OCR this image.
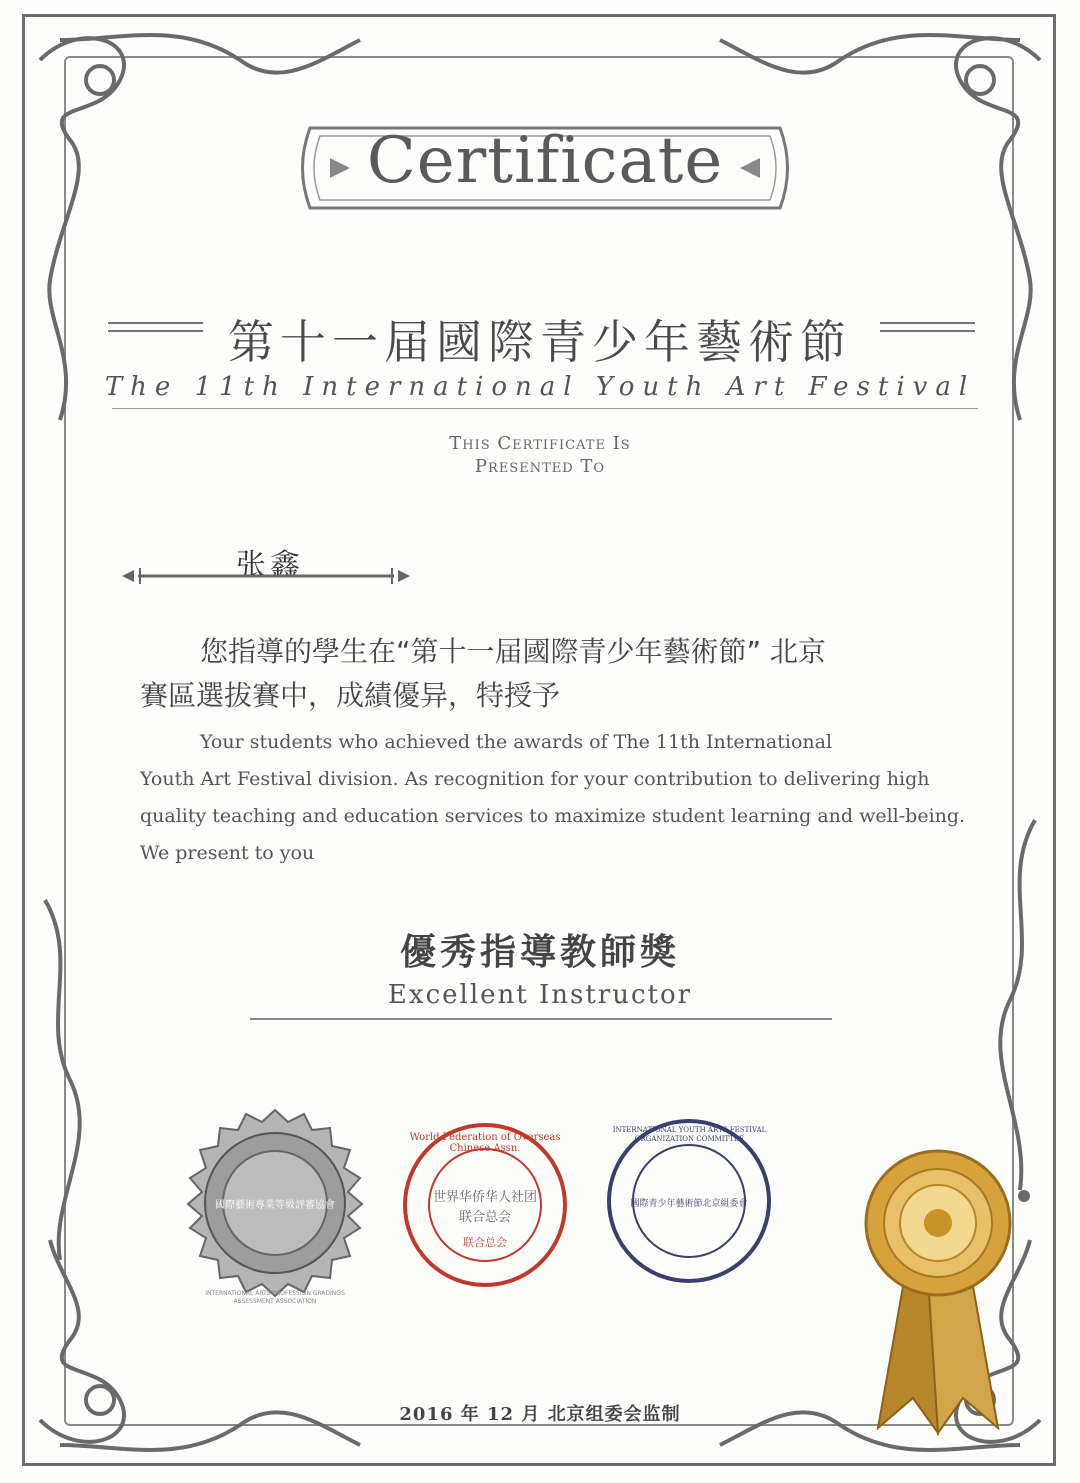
Certificate
第十一届國際青少年藝術節
The 11th International Youth Art Festival
This Certificate Is
Presented To
张鑫

您指導的學生在“第十一届國際青少年藝術節” 北京

賽區選拔賽中，成績優异，特授予

Your students who achieved the awards of The 11th International

Youth Art Festival division. As recognition for your contribution to delivering high

quality teaching and education services to maximize student learning and well-being.

We present to you

優秀指導教師獎
Excellent Instructor
國際藝術專業等級評審協會
INTERNATIONAL ARTS PROFESSION GRADINGS ASSESSMENT ASSOCIATION
联合总会
World Federation of Overseas Chinese Assn.
世界华侨华人社团联合总会
國際青少年藝術節北京組委會
INTERNATIONAL YOUTH ARTS FESTIVAL ORGANIZATION COMMITTEE
2016 年 12 月 北京组委会监制
